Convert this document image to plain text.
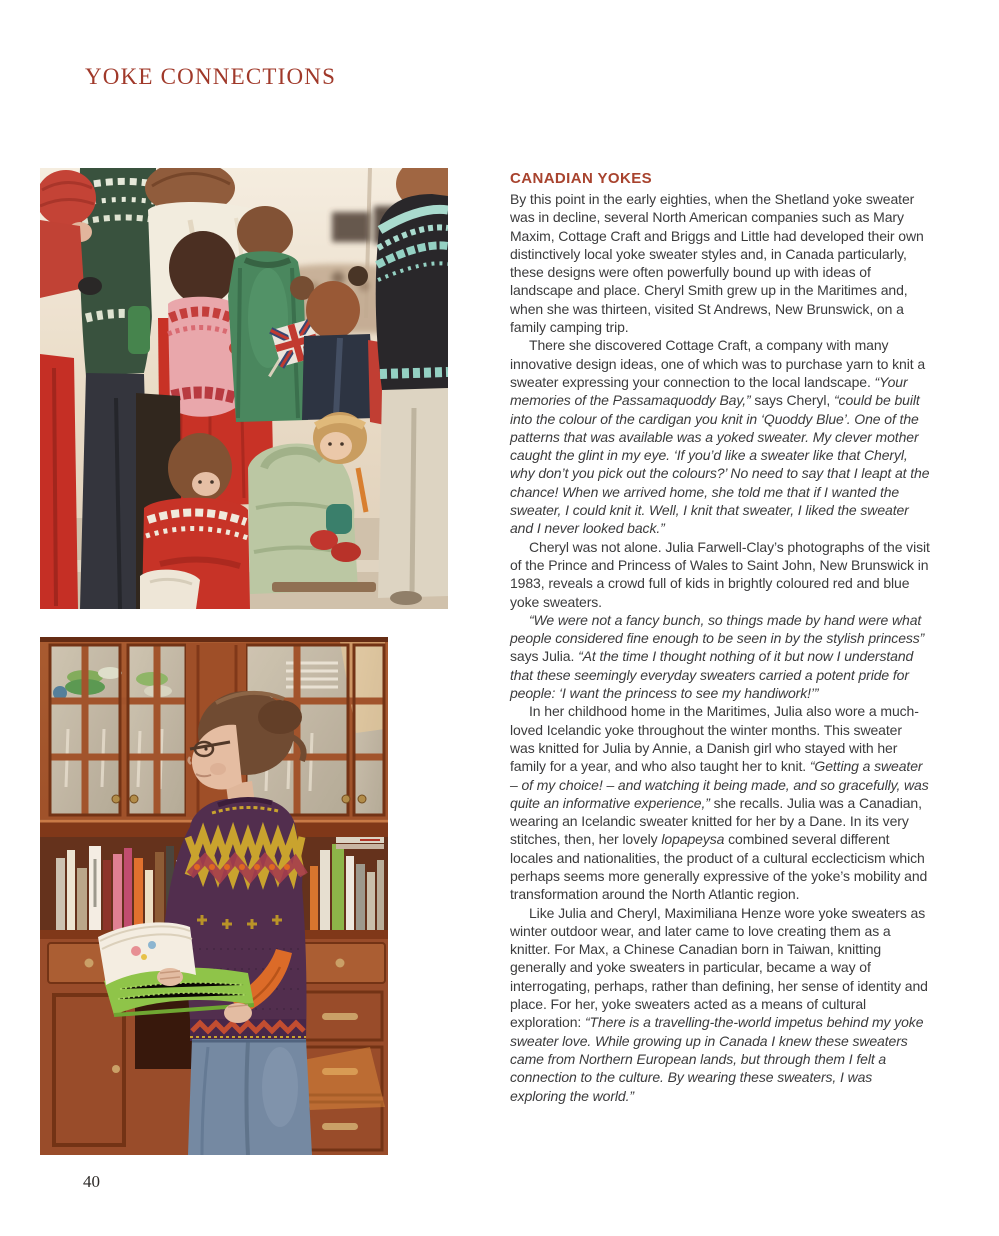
YOKE CONNECTIONS
CANADIAN YOKES

By this point in the early eighties, when the Shetland yoke sweater was in decline, several North American companies such as Mary Maxim, Cottage Craft and Briggs and Little had developed their own distinctively local yoke sweater styles and, in Canada particularly, these designs were often powerfully bound up with ideas of landscape and place. Cheryl Smith grew up in the Maritimes and, when she was thirteen, visited St Andrews, New Brunswick, on a family camping trip.

There she discovered Cottage Craft, a company with many innovative design ideas, one of which was to purchase yarn to knit a sweater expressing your connection to the local landscape. “Your memories of the Passamaquoddy Bay,” says Cheryl, “could be built into the colour of the cardigan you knit in ‘Quoddy Blue’. One of the patterns that was available was a yoked sweater. My clever mother caught the glint in my eye. ‘If you’d like a sweater like that Cheryl, why don’t you pick out the colours?’ No need to say that I leapt at the chance! When we arrived home, she told me that if I wanted the sweater, I could knit it. Well, I knit that sweater, I liked the sweater and I never looked back.”

Cheryl was not alone. Julia Farwell-Clay’s photographs of the visit of the Prince and Princess of Wales to Saint John, New Brunswick in 1983, reveals a crowd full of kids in brightly coloured red and blue yoke sweaters.

“We were not a fancy bunch, so things made by hand were what people considered fine enough to be seen in by the stylish princess” says Julia. “At the time I thought nothing of it but now I understand that these seemingly everyday sweaters carried a potent pride for people: ‘I want the princess to see my handiwork!’”

In her childhood home in the Maritimes, Julia also wore a much-loved Icelandic yoke throughout the winter months. This sweater was knitted for Julia by Annie, a Danish girl who stayed with her family for a year, and who also taught her to knit. “Getting a sweater – of my choice! – and watching it being made, and so gracefully, was quite an informative experience,” she recalls. Julia was a Canadian, wearing an Icelandic sweater knitted for her by a Dane. In its very stitches, then, her lovely lopapeysa combined several different locales and nationalities, the product of a cultural ecclecticism which perhaps seems more generally expressive of the yoke’s mobility and transformation around the North Atlantic region.

Like Julia and Cheryl, Maximiliana Henze wore yoke sweaters as winter outdoor wear, and later came to love creating them as a knitter. For Max, a Chinese Canadian born in Taiwan, knitting generally and yoke sweaters in particular, became a way of interrogating, perhaps, rather than defining, her sense of identity and place. For her, yoke sweaters acted as a means of cultural exploration: “There is a travelling-the-world impetus behind my yoke sweater love. While growing up in Canada I knew these sweaters came from Northern European lands, but through them I felt a connection to the culture. By wearing these sweaters, I was exploring the world.”

40
